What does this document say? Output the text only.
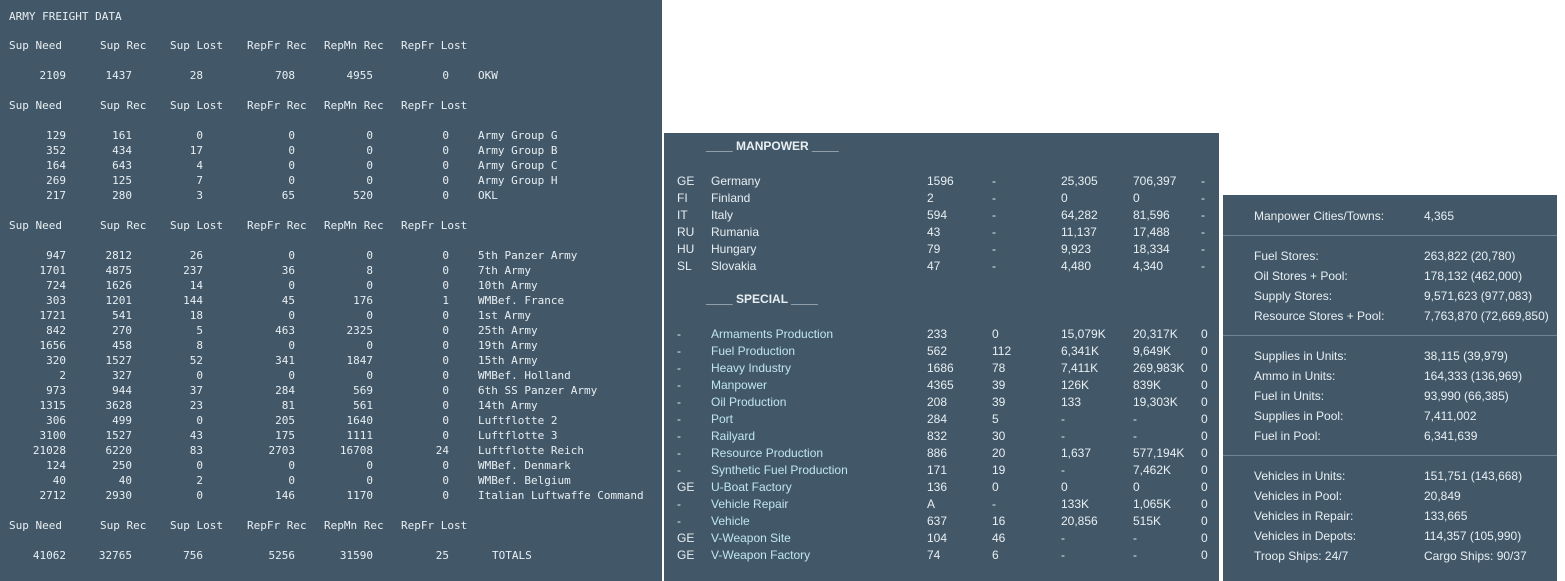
ARMY FREIGHT DATA
Sup Need	Sup Rec Sup Lost RepFr Rec RepMn Rec RepFr Lost
2109	1437	28	708	4955	0	OKW
Sup Need	Sup Rec Sup Lost RepFr Rec RepMn Rec RepFr Lost
129	161	0	0	0	0	Army Group G
352	434	17	0	0	0	Army Group B
164	643	4	0	0	0	Army Group C
269	125	7	0	0	0	Army Group H
217	280	3	65	520	0	OKL
Sup Need	Sup Rec Sup Lost RepFr Rec RepMn Rec RepFr Lost
947	2812	26	0	0	0	5th Panzer Army
1701	4875	237	36	8	0	7th Army
724	1626	14	0	0	0	10th Army
303	1201	144	45	176	1	WMBef. France
1721	541	18	0	0	0	1st Army
842	270	5	463	2325	0	25th Army
1656	458	8	0	0	0	19th Army
320	1527	52	341	1847	0	15th Army
2	327	0	0	0	0	WMBef. Holland
973	944	37	284	569	0	6th SS Panzer Army
1315	3628	23	81	561	0	14th Army
306	499	0	205	1640	0	Luftflotte 2
3100	1527	43	175	1111	0	Luftflotte 3
21028	6220	83	2703	16708	24	Luftflotte Reich
124	250	0	0	0	0	WMBef. Denmark
40	40	2	0	0	0	WMBef. Belgium
2712	2930	0	146	1170	0	Italian Luftwaffe Command
Sup Need	Sup Rec Sup Lost RepFr Rec RepMn Rec RepFr Lost
41062	32765	756	5256	31590	25	TOTALS
____ MANPOWER ____
____ SPECIAL ____
GE Germany	1596	-	25,305	706,397 -
FI Finland	2	-	0	0	-
IT Italy	594	-	64,282	81,596	-
RU Rumania	43	-	11,137	17,488	-
HU Hungary	79	-	9,923	18,334	-
SL Slovakia	47	-	4,480	4,340	-
-	Armaments Production	233	0	15,079K 20,317K 0
-	Fuel Production	562	112	6,341K	9,649K 0
-	Heavy Industry	1686	78	7,411K	269,983K 0
-	Manpower	4365	39	126K	839K	0
-	Oil Production	208	39	133	19,303K 0
-	Port	284	5	-	-	0
-	Railyard	832	30	-	-	0
-	Resource Production	886	20	1,637	577,194K 0
-	Synthetic Fuel Production	171	19	-	7,462K 0
GE U-Boat Factory	136	0	0	0	0
-	Vehicle Repair	A	-	133K	1,065K 0
-	Vehicle	637	16	20,856	515K	0
GE V-Weapon Site	104	46	-	-	0
GE V-Weapon Factory	74	6	-	-	0
Manpower Cities/Towns:	4,365
Fuel Stores:	263,822 (20,780)
Oil Stores + Pool:	178,132 (462,000)
Supply Stores:	9,571,623 (977,083)
Resource Stores + Pool:	7,763,870 (72,669,850)
Supplies in Units:	38,115 (39,979)
Ammo in Units:	164,333 (136,969)
Fuel in Units:	93,990 (66,385)
Supplies in Pool:	7,411,002
Fuel in Pool:	6,341,639
Vehicles in Units:	151,751 (143,668)
Vehicles in Pool:	20,849
Vehicles in Repair:	133,665
Vehicles in Depots:	114,357 (105,990)
Troop Ships: 24/7	Cargo Ships: 90/37
